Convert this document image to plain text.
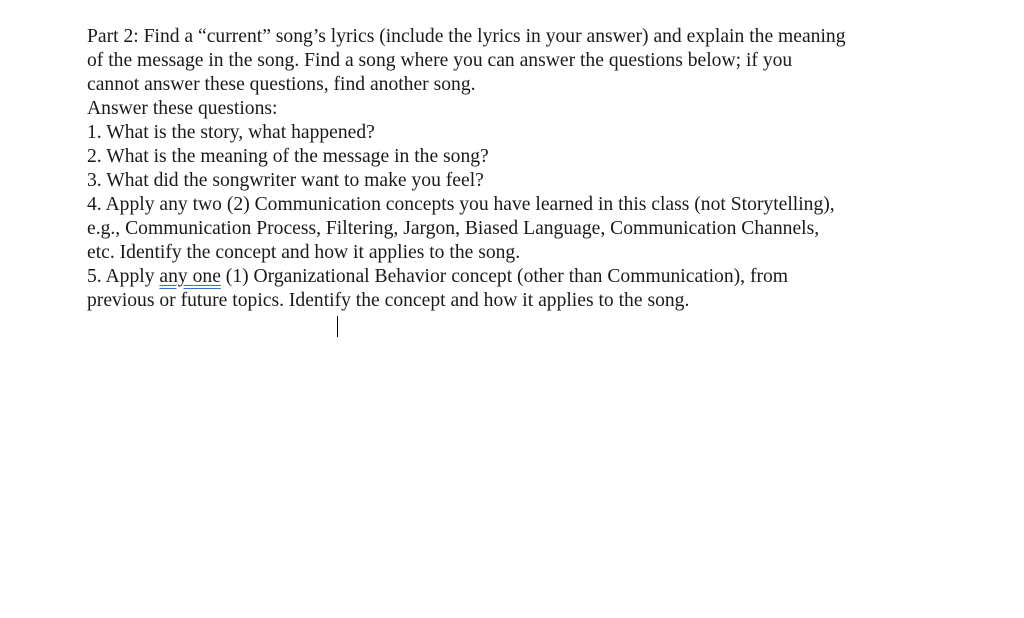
Part 2: Find a “current” song’s lyrics (include the lyrics in your answer) and explain the meaning
of the message in the song. Find a song where you can answer the questions below; if you
cannot answer these questions, find another song.
Answer these questions:
1. What is the story, what happened?
2. What is the meaning of the message in the song?
3. What did the songwriter want to make you feel?
4. Apply any two (2) Communication concepts you have learned in this class (not Storytelling),
e.g., Communication Process, Filtering, Jargon, Biased Language, Communication Channels,
etc. Identify the concept and how it applies to the song.
5. Apply any one (1) Organizational Behavior concept (other than Communication), from
previous or future topics. Identify the concept and how it applies to the song.
